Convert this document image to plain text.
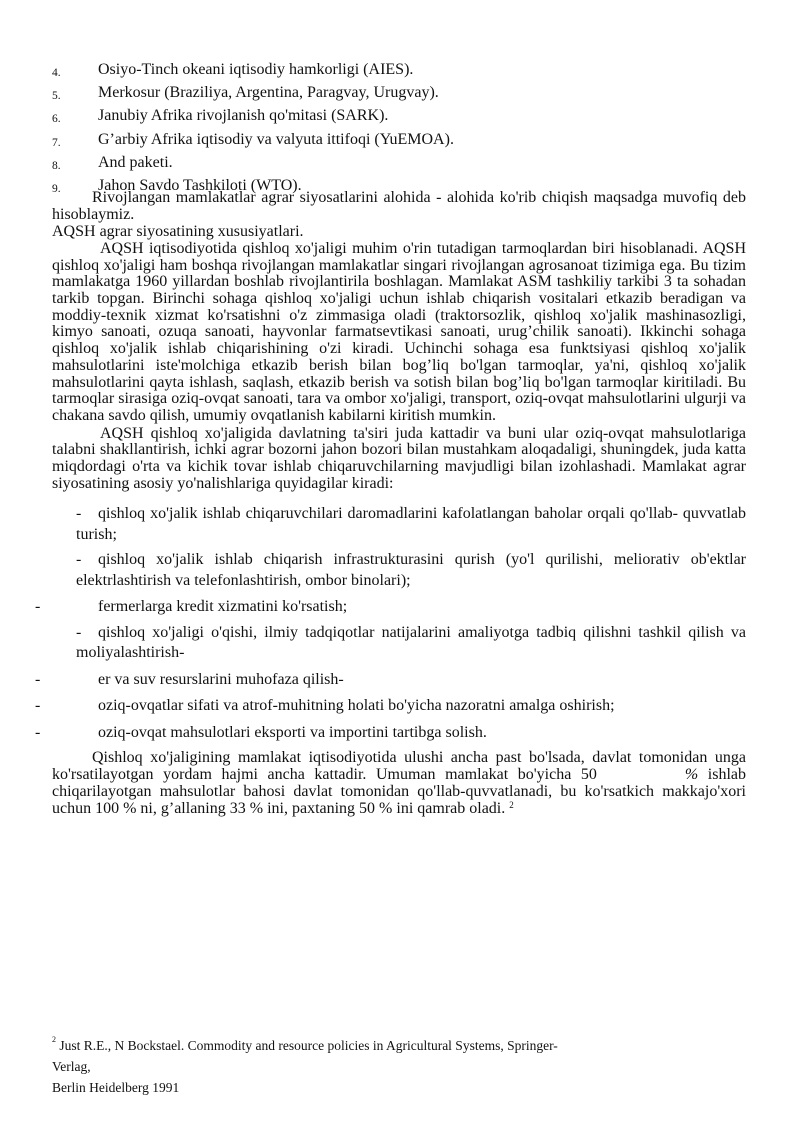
4. Osiyo-Tinch okeani iqtisodiy hamkorligi (AIES).
5. Merkosur (Braziliya, Argentina, Paragvay, Urugvay).
6. Janubiy Afrika rivojlanish qo'mitasi (SARK).
7. G’arbiy Afrika iqtisodiy va valyuta ittifoqi (YuEMOA).
8. And paketi.
9. Jahon Savdo Tashkiloti (WTO).

Rivojlangan mamlakatlar agrar siyosatlarini alohida - alohida ko'rib chiqish maqsadga muvofiq deb hisoblaymiz.

AQSH agrar siyosatining xususiyatlari.

AQSH iqtisodiyotida qishloq xo'jaligi muhim o'rin tutadigan tarmoqlardan biri hisoblanadi. AQSH qishloq xo'jaligi ham boshqa rivojlangan mamlakatlar singari rivojlangan agrosanoat tizimiga ega. Bu tizim mamlakatga 1960 yillardan boshlab rivojlantirila boshlagan. Mamlakat ASM tashkiliy tarkibi 3 ta sohadan tarkib topgan. Birinchi sohaga qishloq xo'jaligi uchun ishlab chiqarish vositalari etkazib beradigan va moddiy-texnik xizmat ko'rsatishni o'z zimmasiga oladi (traktorsozlik, qishloq xo'jalik mashinasozligi, kimyo sanoati, ozuqa sanoati, hayvonlar farmatsevtikasi sanoati, urug’chilik sanoati). Ikkinchi sohaga qishloq xo'jalik ishlab chiqarishining o'zi kiradi. Uchinchi sohaga esa funktsiyasi qishloq xo'jalik mahsulotlarini iste'molchiga etkazib berish bilan bog’liq bo'lgan tarmoqlar, ya'ni, qishloq xo'jalik mahsulotlarini qayta ishlash, saqlash, etkazib berish va sotish bilan bog’liq bo'lgan tarmoqlar kiritiladi. Bu tarmoqlar sirasiga oziq-ovqat sanoati, tara va ombor xo'jaligi, transport, oziq-ovqat mahsulotlarini ulgurji va chakana savdo qilish, umumiy ovqatlanish kabilarni kiritish mumkin.

AQSH qishloq xo'jaligida davlatning ta'siri juda kattadir va buni ular oziq-ovqat mahsulotlariga talabni shakllantirish, ichki agrar bozorni jahon bozori bilan mustahkam aloqadaligi, shuningdek, juda katta miqdordagi o'rta va kichik tovar ishlab chiqaruvchilarning mavjudligi bilan izohlashadi. Mamlakat agrar siyosatining asosiy yo'nalishlariga quyidagilar kiradi:

-	qishloq xo'jalik ishlab chiqaruvchilari daromadlarini kafolatlangan baholar orqali qo'llab- quvvatlab turish;
-	qishloq xo'jalik ishlab chiqarish infrastrukturasini qurish (yo'l qurilishi, meliorativ ob'ektlar elektrlashtirish va telefonlashtirish, ombor binolari);
-	fermerlarga kredit xizmatini ko'rsatish;
-	qishloq xo'jaligi o'qishi, ilmiy tadqiqotlar natijalarini amaliyotga tadbiq qilishni tashkil qilish va moliyalashtirish-
-	er va suv resurslarini muhofaza qilish-
-	oziq-ovqatlar sifati va atrof-muhitning holati bo'yicha nazoratni amalga oshirish;
-	oziq-ovqat mahsulotlari eksporti va importini tartibga solish.

Qishloq xo'jaligining mamlakat iqtisodiyotida ulushi ancha past bo'lsada, davlat tomonidan unga ko'rsatilayotgan yordam hajmi ancha kattadir. Umuman mamlakat bo'yicha 50	% ishlab chiqarilayotgan mahsulotlar bahosi davlat tomonidan qo'llab-quvvatlanadi, bu ko'rsatkich makkajo'xori uchun 100 % ni, g’allaning 33 % ini, paxtaning 50 % ini qamrab oladi. $^2$

$^2$ Just R.E., N Bockstael. Commodity and resource policies in Agricultural Systems, Springer-
Verlag,
Berlin Heidelberg 1991
